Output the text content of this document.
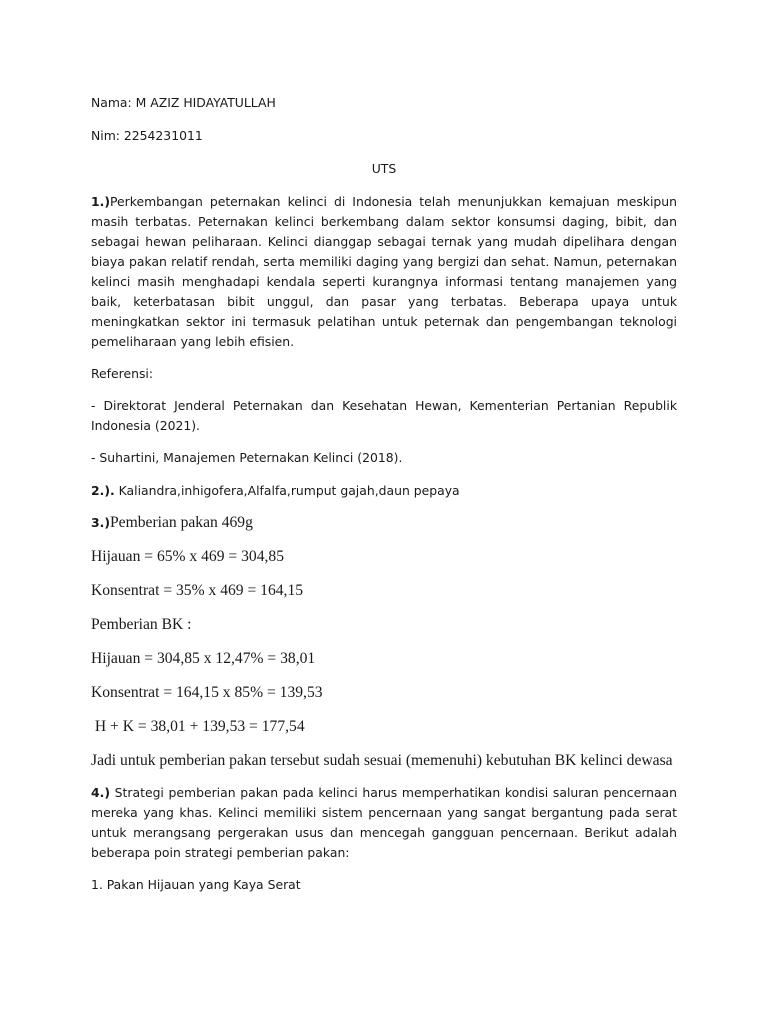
Nama: M AZIZ HIDAYATULLAH

Nim: 2254231011

UTS

1.)Perkembangan peternakan kelinci di Indonesia telah menunjukkan kemajuan meskipun masih terbatas. Peternakan kelinci berkembang dalam sektor konsumsi daging, bibit, dan sebagai hewan peliharaan. Kelinci dianggap sebagai ternak yang mudah dipelihara dengan biaya pakan relatif rendah, serta memiliki daging yang bergizi dan sehat. Namun, peternakan kelinci masih menghadapi kendala seperti kurangnya informasi tentang manajemen yang baik, keterbatasan bibit unggul, dan pasar yang terbatas. Beberapa upaya untuk meningkatkan sektor ini termasuk pelatihan untuk peternak dan pengembangan teknologi pemeliharaan yang lebih efisien.

Referensi:

- Direktorat Jenderal Peternakan dan Kesehatan Hewan, Kementerian Pertanian Republik Indonesia (2021).

- Suhartini, Manajemen Peternakan Kelinci (2018).

2.). Kaliandra,inhigofera,Alfalfa,rumput gajah,daun pepaya

3.)Pemberian pakan 469g

Hijauan = 65% x 469 = 304,85

Konsentrat = 35% x 469 = 164,15

Pemberian BK :

Hijauan = 304,85 x 12,47% = 38,01

Konsentrat = 164,15 x 85% = 139,53

H + K = 38,01 + 139,53 = 177,54

Jadi untuk pemberian pakan tersebut sudah sesuai (memenuhi) kebutuhan BK kelinci dewasa

4.) Strategi pemberian pakan pada kelinci harus memperhatikan kondisi saluran pencernaan mereka yang khas. Kelinci memiliki sistem pencernaan yang sangat bergantung pada serat untuk merangsang pergerakan usus dan mencegah gangguan pencernaan. Berikut adalah beberapa poin strategi pemberian pakan:

1. Pakan Hijauan yang Kaya Serat
